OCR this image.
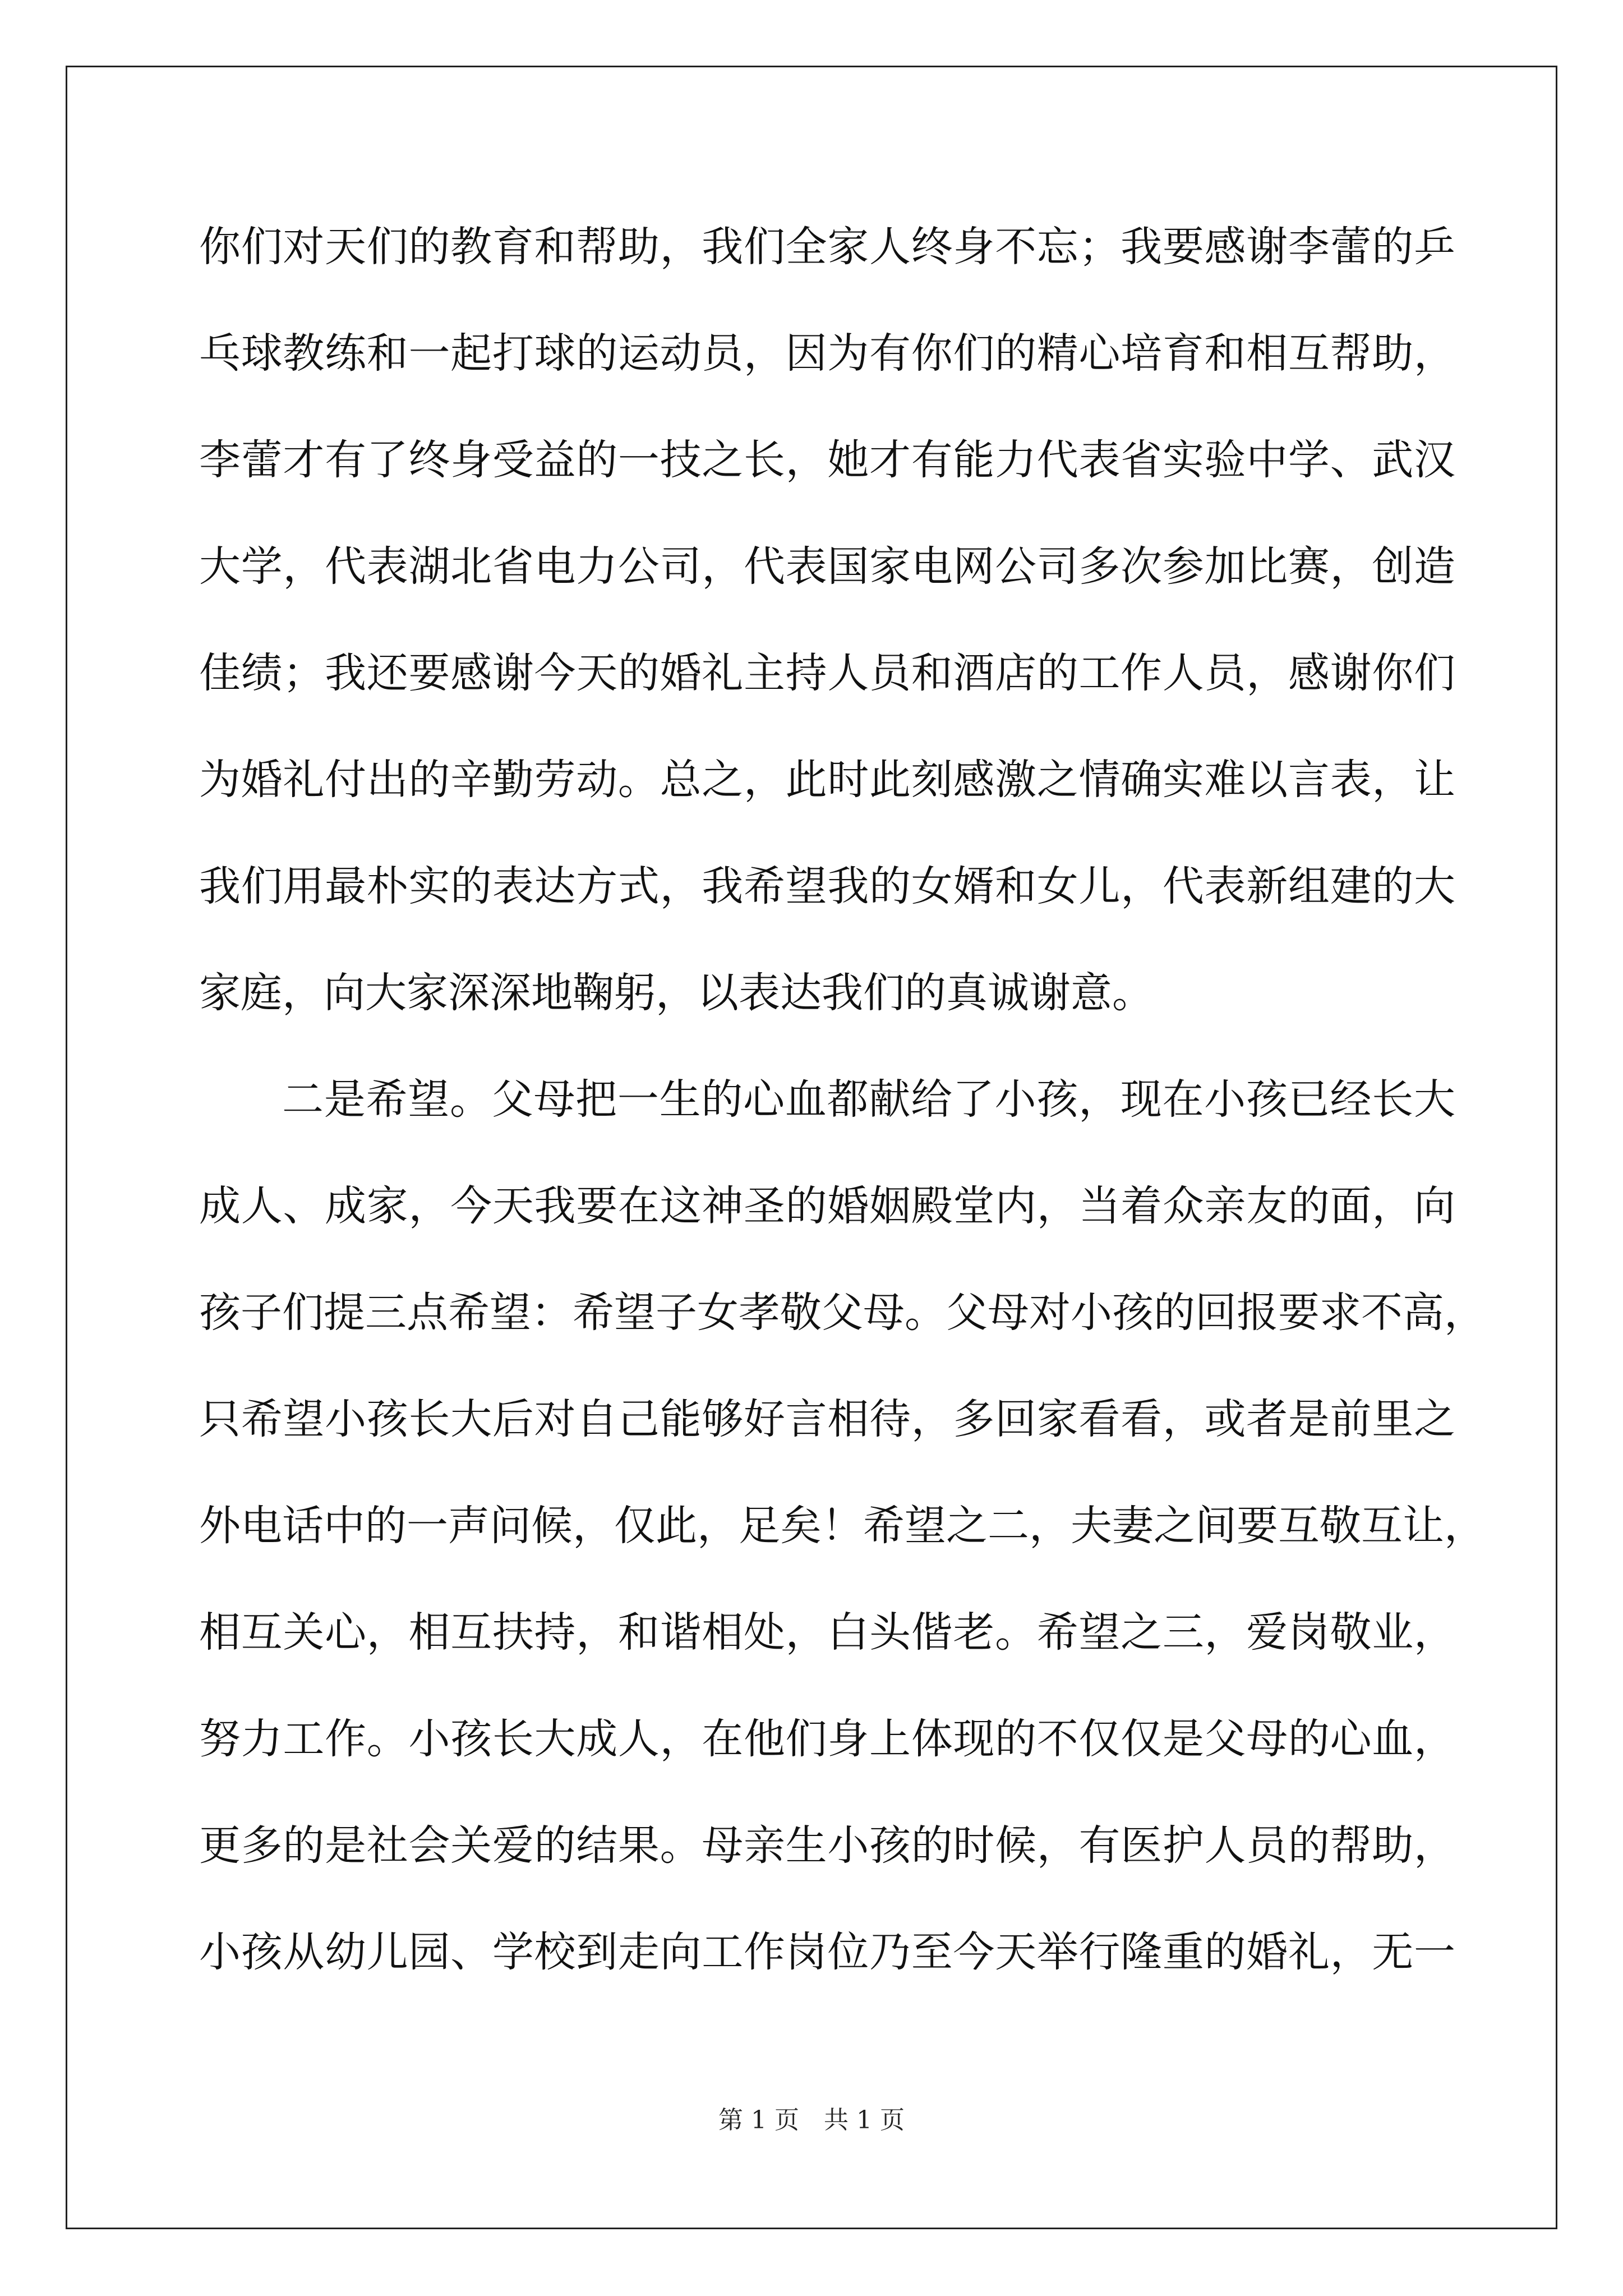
你们对天们的教育和帮助，我们全家人终身不忘；我要感谢李蕾的乒
乓球教练和一起打球的运动员，因为有你们的精心培育和相互帮助，
李蕾才有了终身受益的一技之长，她才有能力代表省实验中学、武汉
大学，代表湖北省电力公司，代表国家电网公司多次参加比赛，创造
佳绩；我还要感谢今天的婚礼主持人员和酒店的工作人员，感谢你们
为婚礼付出的辛勤劳动。总之，此时此刻感激之情确实难以言表，让
我们用最朴实的表达方式，我希望我的女婿和女儿，代表新组建的大
家庭，向大家深深地鞠躬，以表达我们的真诚谢意。
二是希望。父母把一生的心血都献给了小孩，现在小孩已经长大
成人、成家，今天我要在这神圣的婚姻殿堂内，当着众亲友的面，向
孩子们提三点希望：希望子女孝敬父母。父母对小孩的回报要求不高，
只希望小孩长大后对自己能够好言相待，多回家看看，或者是前里之
外电话中的一声问候，仅此，足矣！希望之二，夫妻之间要互敬互让，
相互关心，相互扶持，和谐相处，白头偕老。希望之三，爱岗敬业，
努力工作。小孩长大成人，在他们身上体现的不仅仅是父母的心血，
更多的是社会关爱的结果。母亲生小孩的时候，有医护人员的帮助，
小孩从幼儿园、学校到走向工作岗位乃至今天举行隆重的婚礼，无一
第 1 页　共 1 页
